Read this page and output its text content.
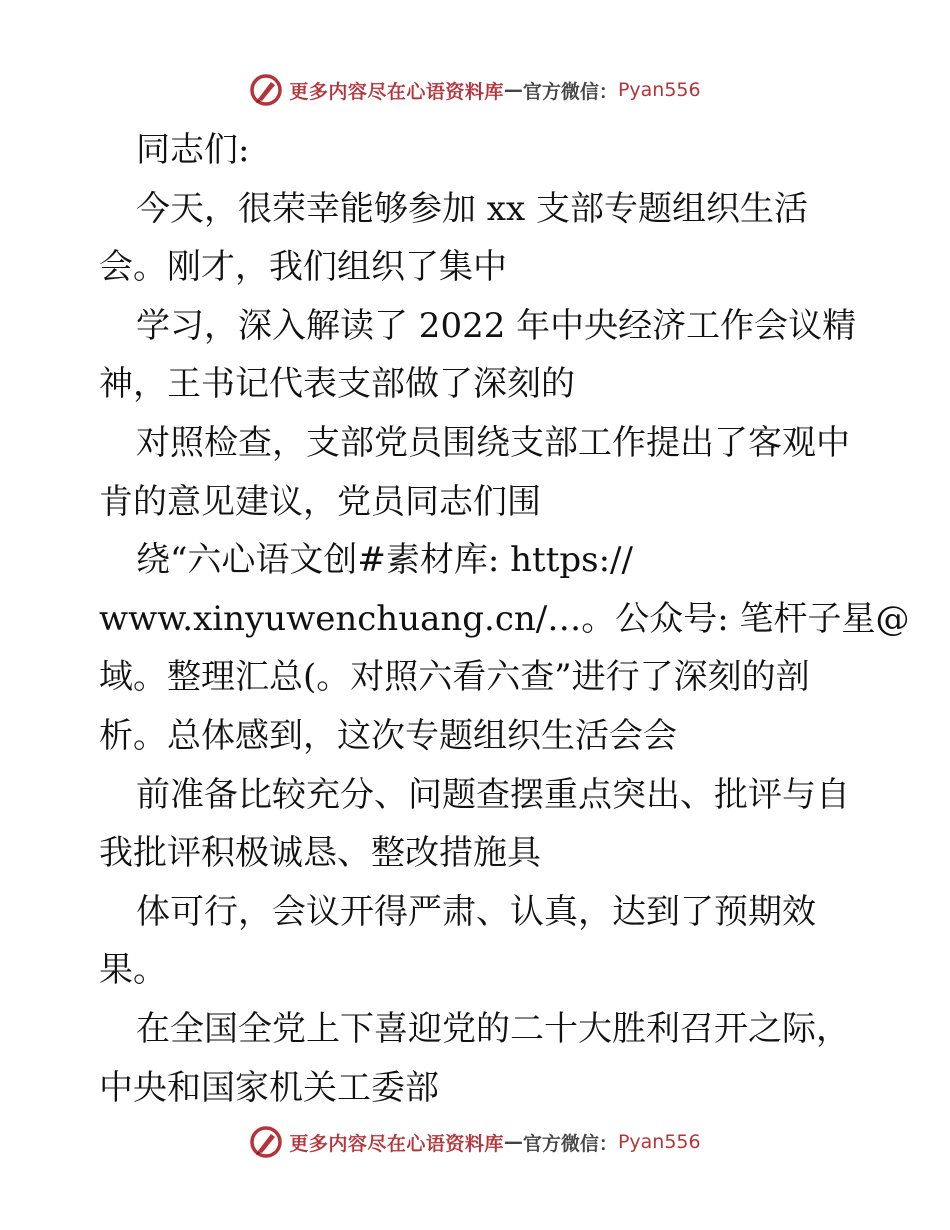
更多内容尽在心语资料库 — 官方微信： Pyan556
同志们:
今天，很荣幸能够参加 xx 支部专题组织生活
会。刚才，我们组织了集中
学习，深入解读了 2022 年中央经济工作会议精
神，王书记代表支部做了深刻的
对照检查，支部党员围绕支部工作提出了客观中
肯的意见建议，党员同志们围
绕“六心语文创#素材库: https://
www.xinyuwenchuang.cn/…。公众号: 笔杆子星@
域。整理汇总(。对照六看六查”进行了深刻的剖
析。总体感到，这次专题组织生活会会
前准备比较充分、问题查摆重点突出、批评与自
我批评积极诚恳、整改措施具
体可行，会议开得严肃、认真，达到了预期效
果。
在全国全党上下喜迎党的二十大胜利召开之际，
中央和国家机关工委部
更多内容尽在心语资料库 — 官方微信： Pyan556
